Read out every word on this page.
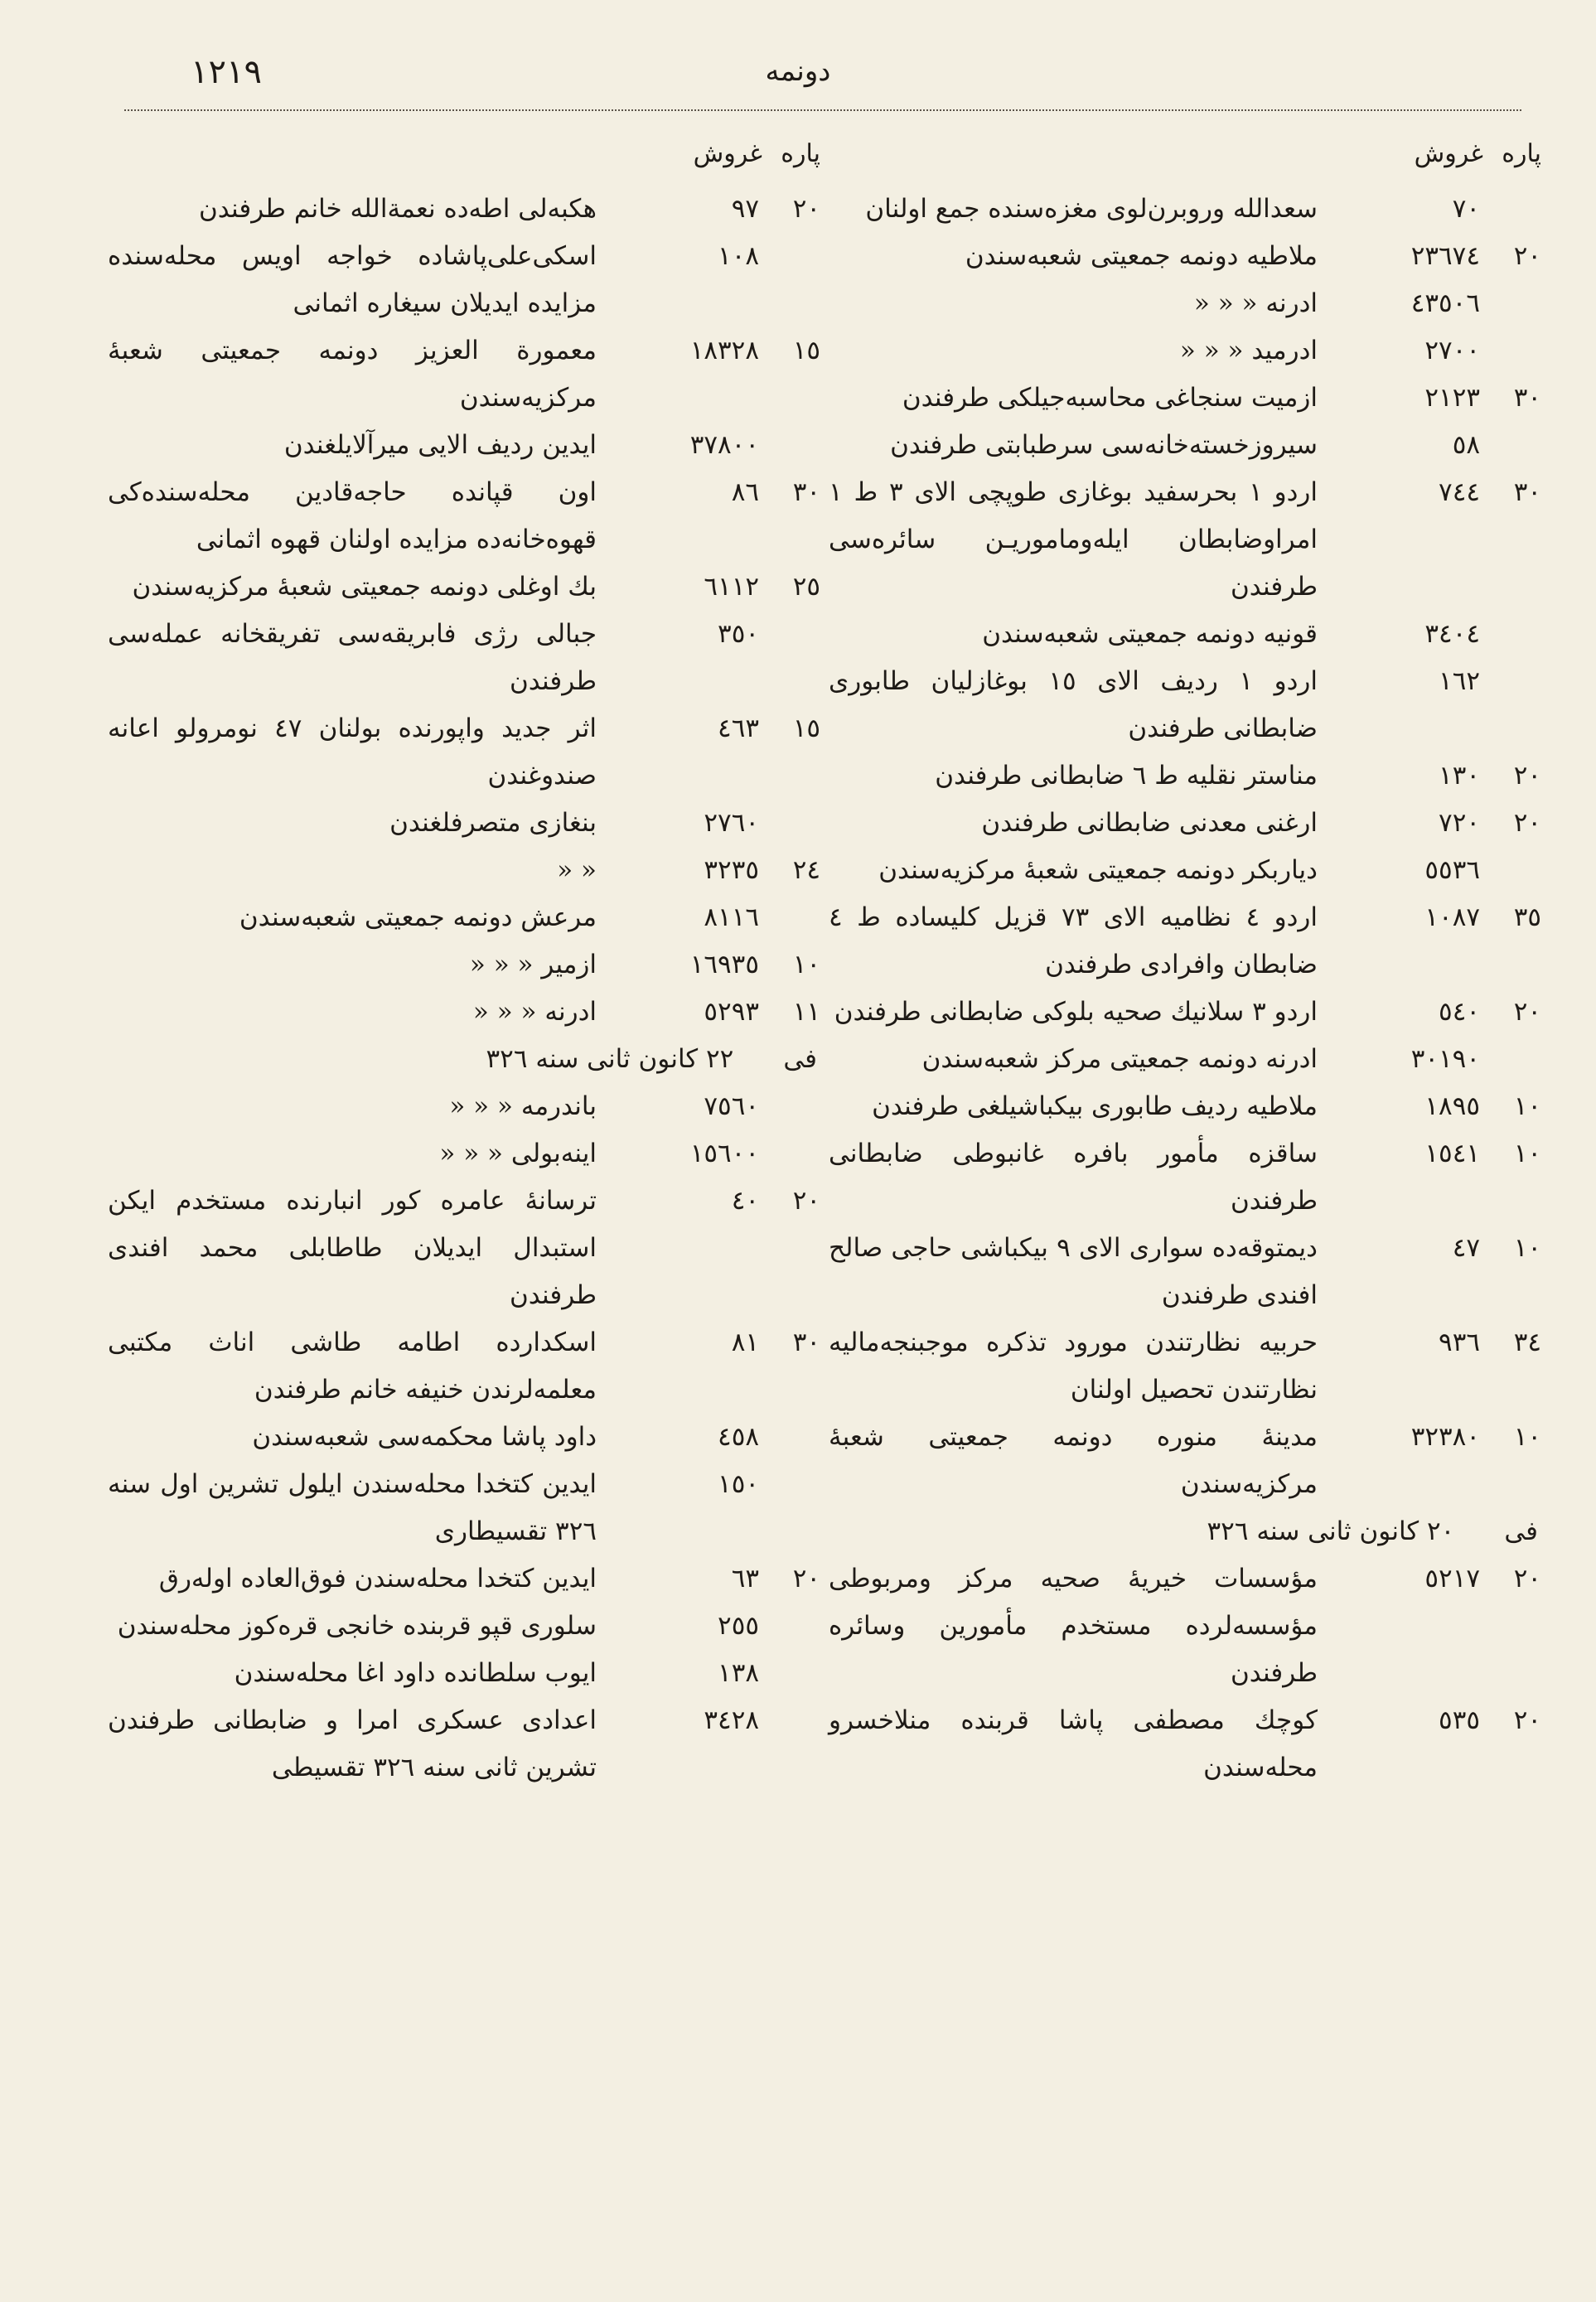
١٢١٩	دونمه
پاره
غروش
٧٠
سعدالله وروبرن‌لوی مغزه‌سنده جمع اولنان
٢٠
٢٣٦٧٤
ملاطیه دونمه جمعیتی شعبه‌سندن
٤٣٥٠٦
ادرنه « « «
٢٧٠٠
ادرمید « « «
٣٠
٢١٢٣
ازمیت سنجاغی محاسبه‌جیلکی طرفندن
٥٨
سیروزخسته‌خانه‌سی سرطبابتی طرفندن
٣٠
٧٤٤
اردو ١ بحرسفید بوغازی طوپچی الای ٣ ط ١ امراوضابطان ایله‌وماموریـن سائره‌سی طرفندن
٣٤٠٤
قونیه دونمه جمعیتی شعبه‌سندن
١٦٢
اردو ١ ردیف الای ١٥ بوغازلیان طابوری ضابطانی طرفندن
٢٠
١٣٠
مناستر نقلیه ط ٦ ضابطانی طرفندن
٢٠
٧٢٠
ارغنی معدنی ضابطانی طرفندن
٥٥٣٦
دیاربکر دونمه جمعیتی شعبهٔ مرکزیه‌سندن
٣٥
١٠٨٧
اردو ٤ نظامیه الای ٧٣ قزیل کلیساده ط ٤ ضابطان وافرادی طرفندن
٢٠
٥٤٠
اردو ٣ سلانیك صحیه بلوکی ضابطانی طرفندن
٣٠١٩٠
ادرنه دونمه جمعیتی مرکز شعبه‌سندن
١٠
١٨٩٥
ملاطیه ردیف طابوری بیکباشیلغی طرفندن
١٠
١٥٤١
ساقزه مأمور بافره غانبوطی ضابطانی طرفندن
١٠
٤٧
دیمتوقه‌ده سواری الای ٩ بیکباشی حاجی صالح افندی طرفندن
٣٤
٩٣٦
حربیه نظارتندن مورود تذکره موجبنجه‌مالیه نظارتندن تحصیل اولنان
١٠
٣٢٣٨٠
مدینهٔ منوره دونمه جمعیتی شعبهٔ مرکزیه‌سندن
فی٢٠ کانون ثانی سنه ٣٢٦
٢٠
٥٢١٧
مؤسسات خیریهٔ صحیه مرکز ومربوطی مؤسسه‌لرده مستخدم مأمورین وسائره طرفندن
٢٠
٥٣٥
کوچك مصطفی پاشا قربنده منلاخسرو محله‌سندن
پاره
غروش
٢٠
٩٧
هکبه‌لی اطه‌ده نعمة‌الله خانم طرفندن
١٠٨
اسکی‌علی‌پاشاده خواجه اویس محله‌سنده مزایده ایدیلان سیغاره اثمانی
١٥
١٨٣٢٨
معمورة العزیز دونمه جمعیتی شعبهٔ مرکزیه‌سندن
٣٧٨٠٠
ایدین ردیف الایی میرآلایلغندن
٣٠
٨٦
اون قپانده حاجه‌قادین محله‌سنده‌کی قهوه‌خانه‌ده مزایده اولنان قهوه اثمانی
٢٥
٦١١٢
بك اوغلی دونمه جمعیتی شعبهٔ مرکزیه‌سندن
٣٥٠
جبالی رژی فابریقه‌سی تفریقخانه عمله‌سی طرفندن
١٥
٤٦٣
اثر جدید واپورنده بولنان ٤٧ نومرولو اعانه صندوغندن
٢٧٦٠
بنغازی متصرفلغندن
٢٤
٣٢٣٥
« «
٨١١٦
مرعش دونمه جمعیتی شعبه‌سندن
١٠
١٦٩٣٥
ازمیر « « «
١١
٥٢٩٣
ادرنه « « «
فی٢٢ کانون ثانی سنه ٣٢٦
٧٥٦٠
باندرمه « « «
١٥٦٠٠
اینه‌بولی « « «
٢٠
٤٠
ترسانهٔ عامره کور انبارنده مستخدم ایکن استبدال ایدیلان طاطابلی محمد افندی طرفندن
٣٠
٨١
اسکدارده اطامه طاشی اناث مکتبی معلمه‌لرندن خنیفه خانم طرفندن
٤٥٨
داود پاشا محکمه‌سی شعبه‌سندن
١٥٠
ایدین کتخدا محله‌سندن ایلول تشرین اول سنه ٣٢٦ تقسیطاری
٢٠
٦٣
ایدین کتخدا محله‌سندن فوق‌العاده اوله‌رق
٢٥٥
سلوری قپو قربنده خانجی قره‌کوز محله‌سندن
١٣٨
ایوب سلطانده داود اغا محله‌سندن
٣٤٢٨
اعدادی عسکری امرا و ضابطانی طرفندن تشرین ثانی سنه ٣٢٦ تقسیطی
